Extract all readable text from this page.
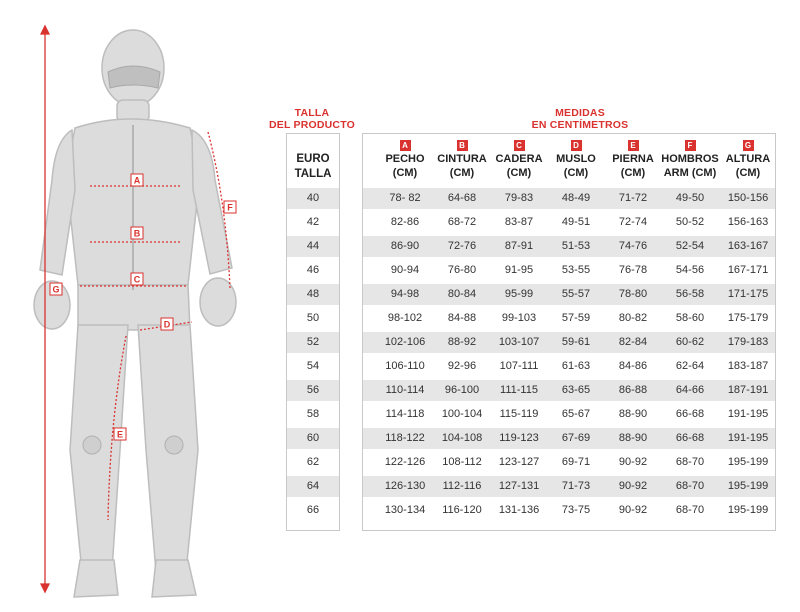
A
B
C
D
E
F
G
TALLA
DEL PRODUCTO
MEDIDAS
EN CENTÍMETROS
EURO
TALLA
A
PECHO
(CM)
B
CINTURA
(CM)
C
CADERA
(CM)
D
MUSLO
(CM)
E
PIERNA
(CM)
F
HOMBROS
ARM (CM)
G
ALTURA
(CM)
40	78- 82	64-68	79-83	48-49	71-72	49-50	150-156
42	82-86	68-72	83-87	49-51	72-74	50-52	156-163
44	86-90	72-76	87-91	51-53	74-76	52-54	163-167
46	90-94	76-80	91-95	53-55	76-78	54-56	167-171
48	94-98	80-84	95-99	55-57	78-80	56-58	171-175
50	98-102	84-88	99-103	57-59	80-82	58-60	175-179
52	102-106	88-92	103-107	59-61	82-84	60-62	179-183
54	106-110	92-96	107-111	61-63	84-86	62-64	183-187
56	110-114	96-100	111-115	63-65	86-88	64-66	187-191
58	114-118	100-104	115-119	65-67	88-90	66-68	191-195
60	118-122	104-108	119-123	67-69	88-90	66-68	191-195
62	122-126	108-112	123-127	69-71	90-92	68-70	195-199
64	126-130	112-116	127-131	71-73	90-92	68-70	195-199
66	130-134	116-120	131-136	73-75	90-92	68-70	195-199
